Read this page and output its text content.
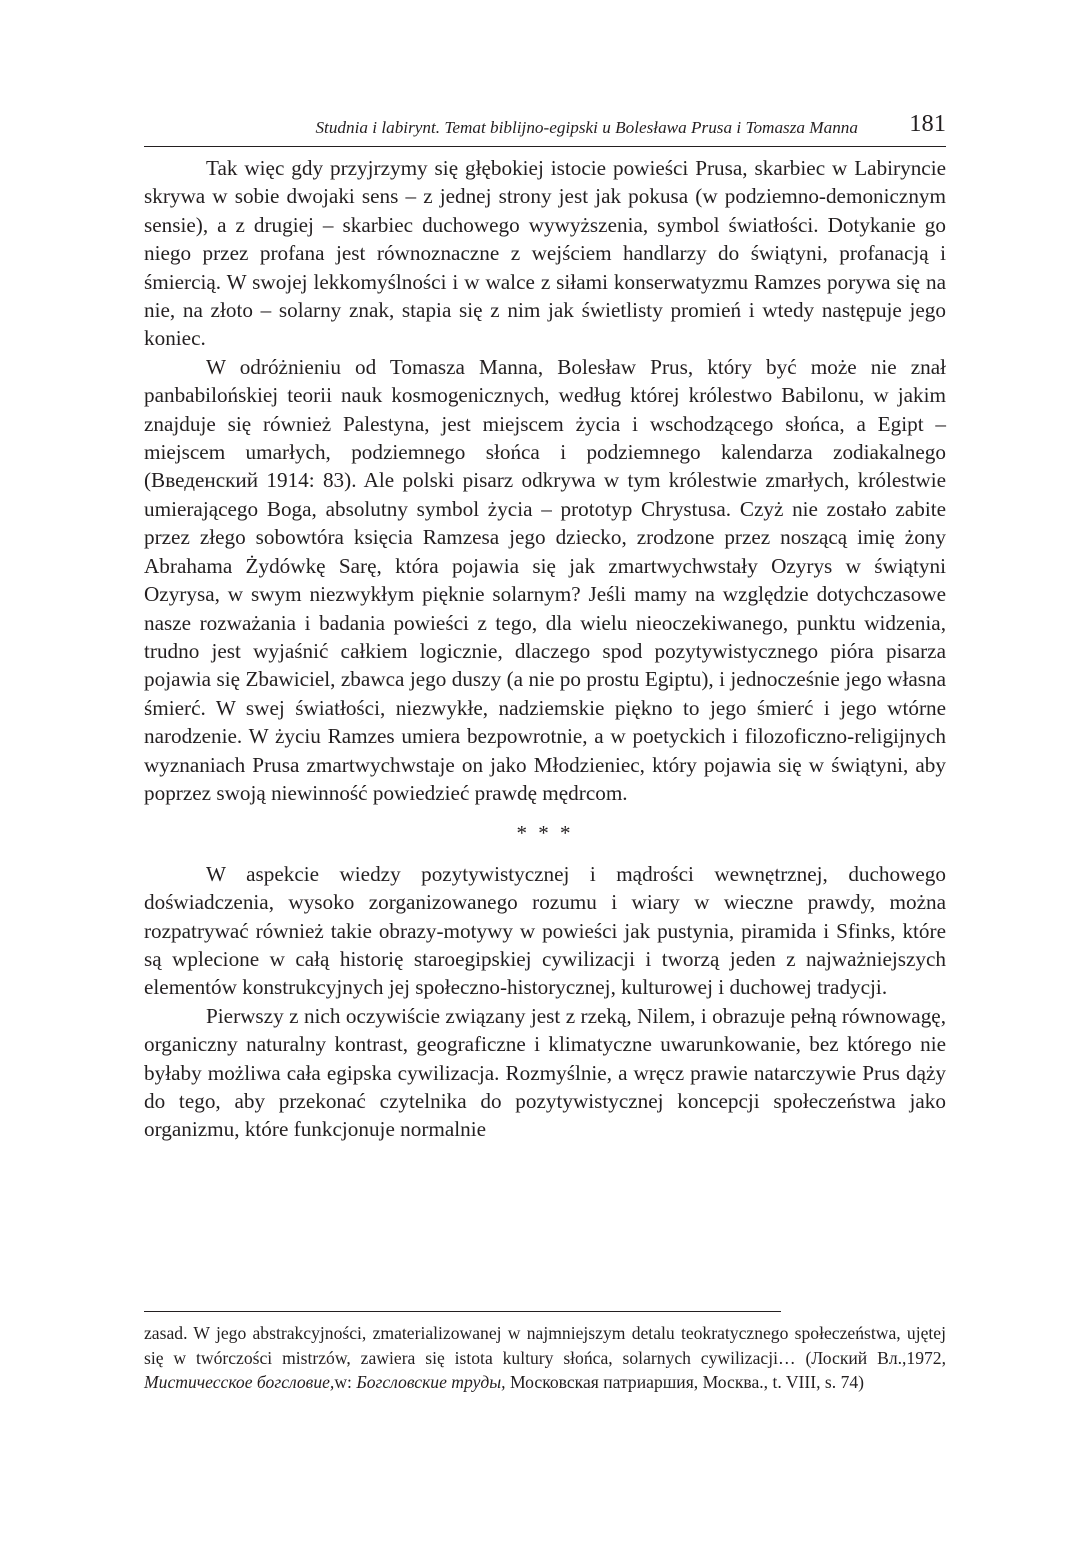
Studnia i labirynt. Temat biblijno-egipski u Bolesława Prusa i Tomasza Manna 181

Tak więc gdy przyjrzymy się głębokiej istocie powieści Prusa, skarbiec w Labiryncie skrywa w sobie dwojaki sens – z jednej strony jest jak pokusa (w podziemno-demonicznym sensie), a z drugiej – skarbiec duchowego wywyższenia, symbol światłości. Dotykanie go niego przez profana jest równoznaczne z wejściem handlarzy do świątyni, profanacją i śmiercią. W swojej lekkomyślności i w walce z siłami konserwatyzmu Ramzes porywa się na nie, na złoto – solarny znak, stapia się z nim jak świetlisty promień i wtedy następuje jego koniec.

W odróżnieniu od Tomasza Manna, Bolesław Prus, który być może nie znał panbabilońskiej teorii nauk kosmogenicznych, według której królestwo Babilonu, w jakim znajduje się również Palestyna, jest miejscem życia i wschodzącego słońca, a Egipt – miejscem umarłych, podziemnego słońca i podziemnego kalendarza zodiakalnego (Введенский 1914: 83). Ale polski pisarz odkrywa w tym królestwie zmarłych, królestwie umierającego Boga, absolutny symbol życia – prototyp Chrystusa. Czyż nie zostało zabite przez złego sobowtóra księcia Ramzesa jego dziecko, zrodzone przez noszącą imię żony Abrahama Żydówkę Sarę, która pojawia się jak zmartwychwstały Ozyrys w świątyni Ozyrysa, w swym niezwykłym pięknie solarnym? Jeśli mamy na względzie dotychczasowe nasze rozważania i badania powieści z tego, dla wielu nieoczekiwanego, punktu widzenia, trudno jest wyjaśnić całkiem logicznie, dlaczego spod pozytywistycznego pióra pisarza pojawia się Zbawiciel, zbawca jego duszy (a nie po prostu Egiptu), i jednocześnie jego własna śmierć. W swej światłości, niezwykłe, nadziemskie piękno to jego śmierć i jego wtórne narodzenie. W życiu Ramzes umiera bezpowrotnie, a w poetyckich i filozoficzno-religijnych wyznaniach Prusa zmartwychwstaje on jako Młodzieniec, który pojawia się w świątyni, aby poprzez swoją niewinność powiedzieć prawdę mędrcom.

* * *

W aspekcie wiedzy pozytywistycznej i mądrości wewnętrznej, duchowego doświadczenia, wysoko zorganizowanego rozumu i wiary w wieczne prawdy, można rozpatrywać również takie obrazy-motywy w powieści jak pustynia, piramida i Sfinks, które są wplecione w całą historię staroegipskiej cywilizacji i tworzą jeden z najważniejszych elementów konstrukcyjnych jej społeczno-historycznej, kulturowej i duchowej tradycji.

Pierwszy z nich oczywiście związany jest z rzeką, Nilem, i obrazuje pełną równowagę, organiczny naturalny kontrast, geograficzne i klimatyczne uwarunkowanie, bez którego nie byłaby możliwa cała egipska cywilizacja. Rozmyślnie, a wręcz prawie natarczywie Prus dąży do tego, aby przekonać czytelnika do pozytywistycznej koncepcji społeczeństwa jako organizmu, które funkcjonuje normalnie

zasad. W jego abstrakcyjności, zmaterializowanej w najmniejszym detalu teokratycznego społeczeństwa, ujętej się w twórczości mistrzów, zawiera się istota kultury słońca, solarnych cywilizacji… (Лоский Вл.,1972, Мистичесское богсловие,w: Богсловские труды, Московская патриаршия, Москва., t. VIII, s. 74)
